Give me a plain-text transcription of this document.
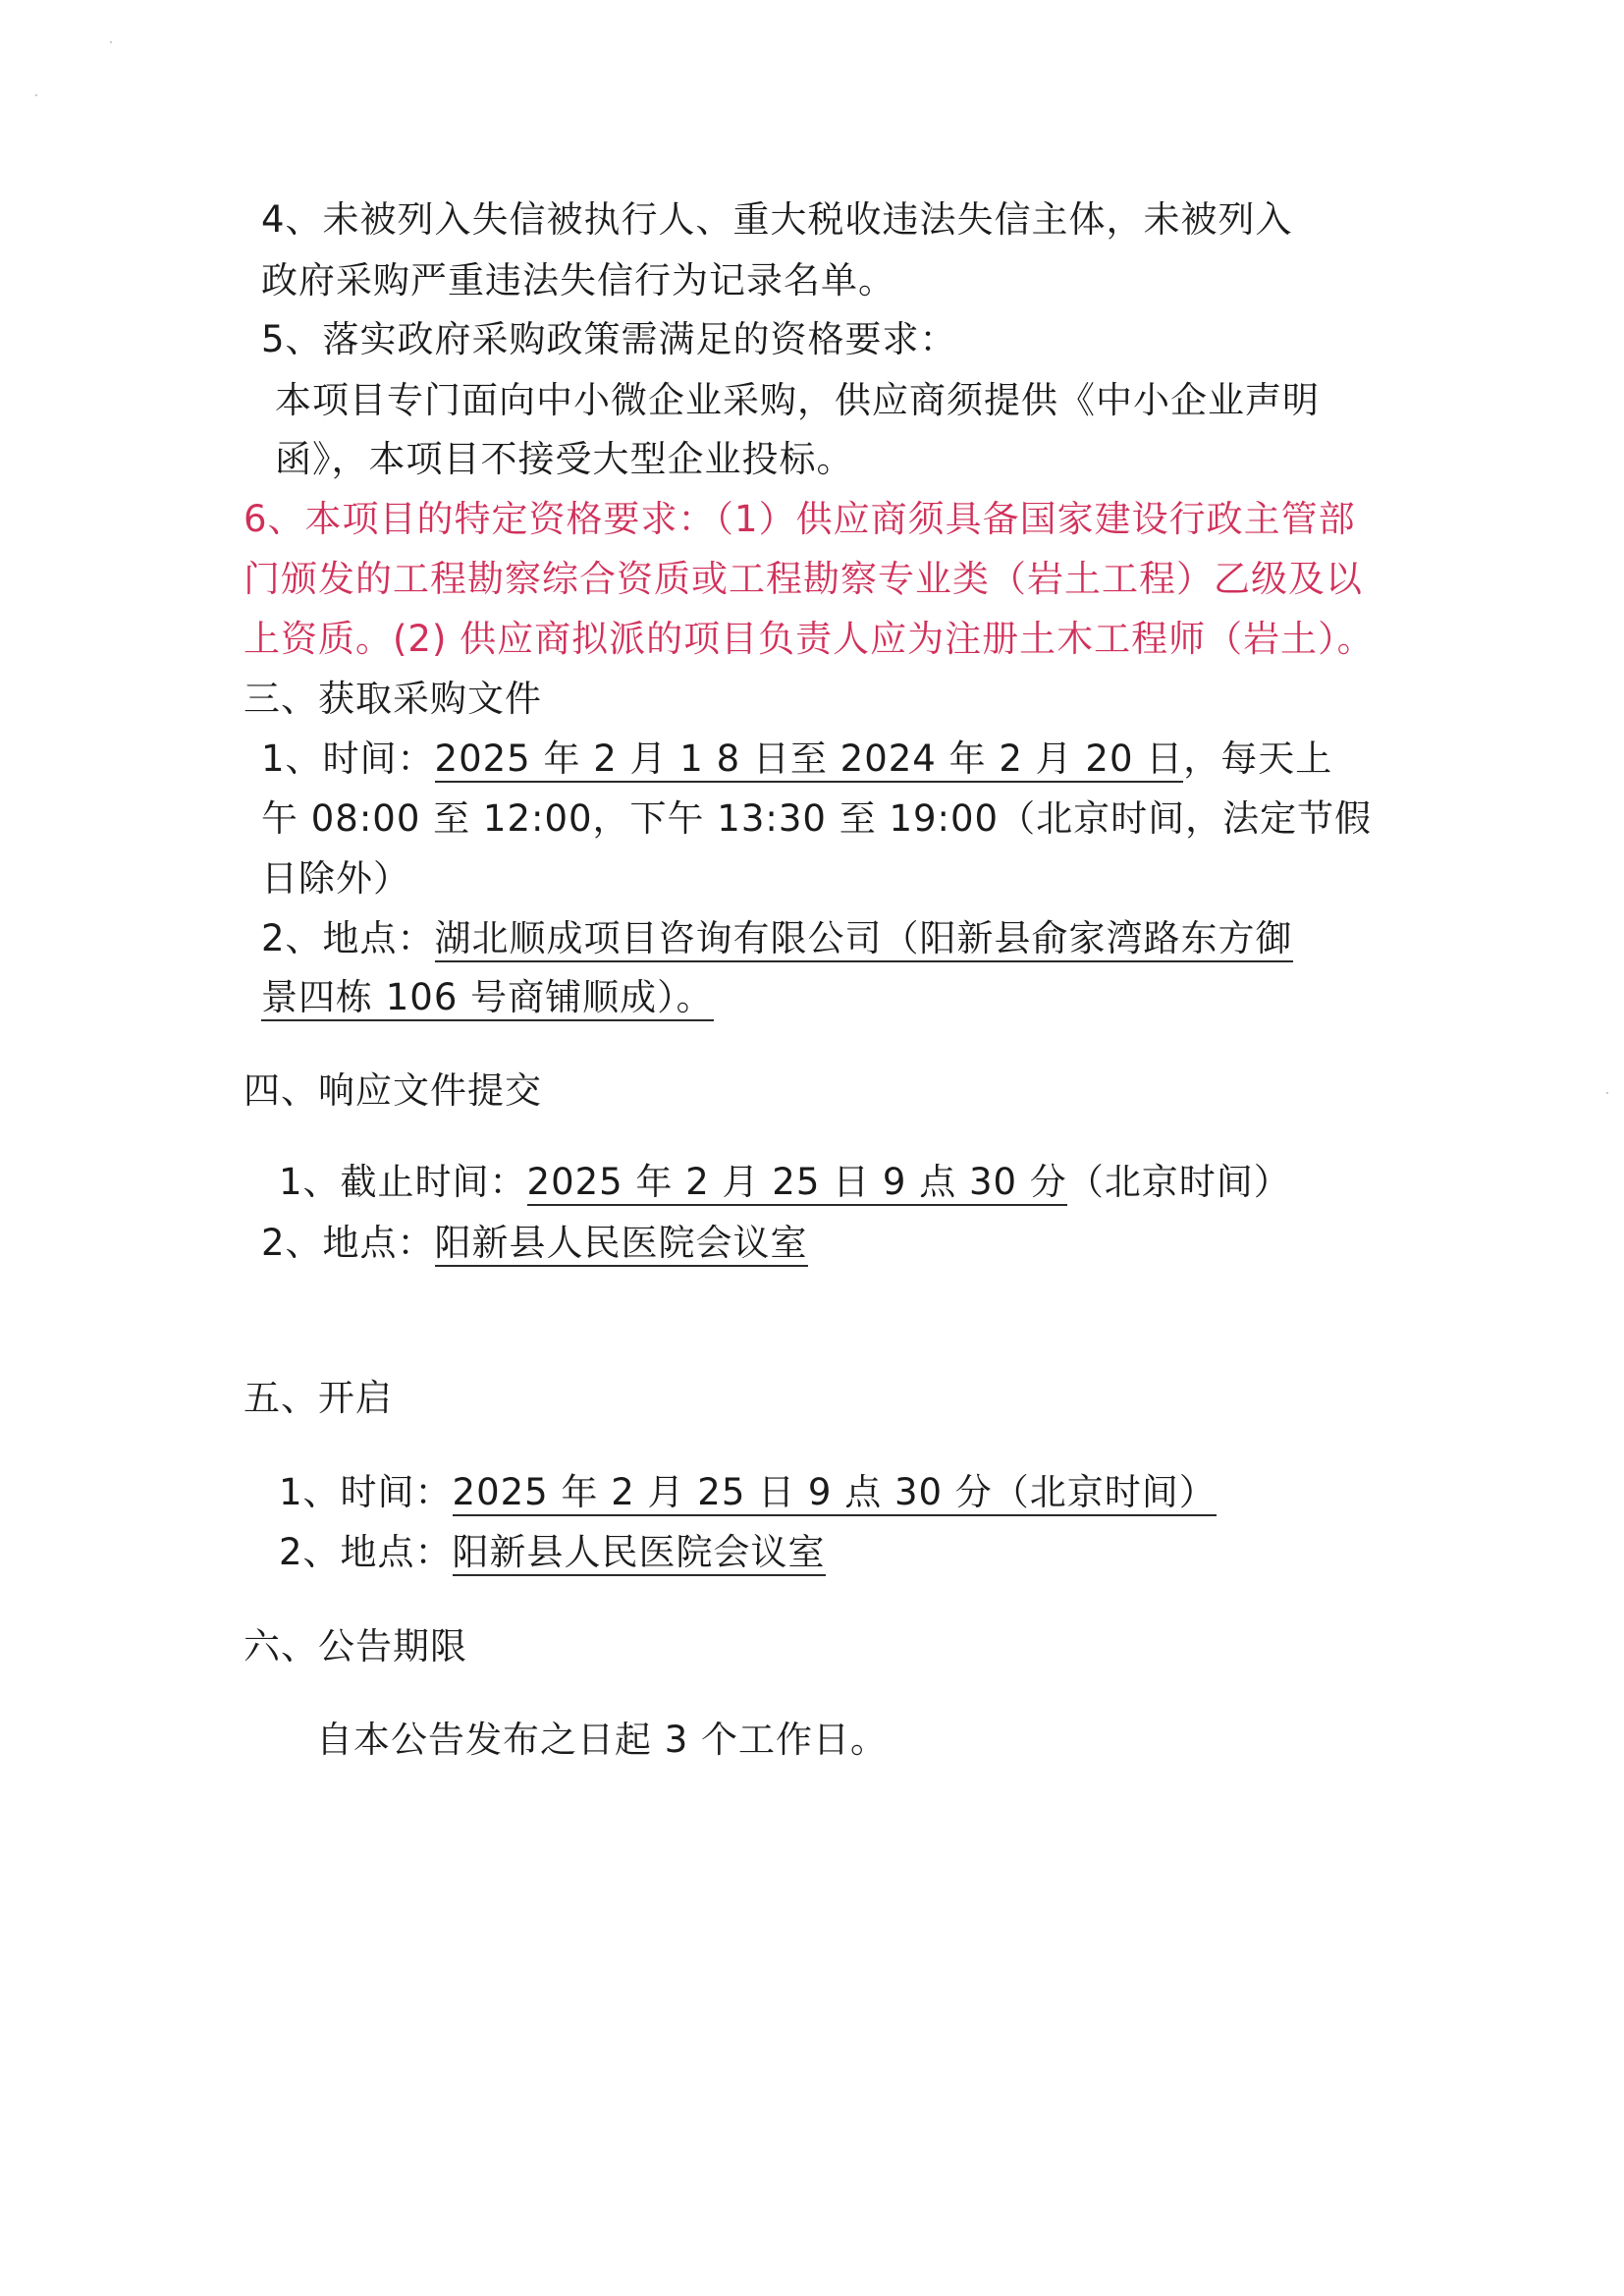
4、未被列入失信被执行人、重大税收违法失信主体，未被列入
政府采购严重违法失信行为记录名单。
5、落实政府采购政策需满足的资格要求：
本项目专门面向中小微企业采购，供应商须提供《中小企业声明
函》，本项目不接受大型企业投标。
6、本项目的特定资格要求：（1）供应商须具备国家建设行政主管部
门颁发的工程勘察综合资质或工程勘察专业类（岩土工程）乙级及以
上资质。(2) 供应商拟派的项目负责人应为注册土木工程师（岩土）。
三、获取采购文件
1、时间：2025 年 2 月 1 8 日至 2024 年 2 月 20 日，每天上
午 08:00 至 12:00，下午 13:30 至 19:00（北京时间，法定节假
日除外）
2、地点：湖北顺成项目咨询有限公司（阳新县俞家湾路东方御
景四栋 106 号商铺顺成）。
四、响应文件提交
1、截止时间：2025 年 2 月 25 日 9 点 30 分（北京时间）
2、地点：阳新县人民医院会议室
五、开启
1、时间：2025 年 2 月 25 日 9 点 30 分（北京时间）
2、地点：阳新县人民医院会议室
六、公告期限
自本公告发布之日起 3 个工作日。
